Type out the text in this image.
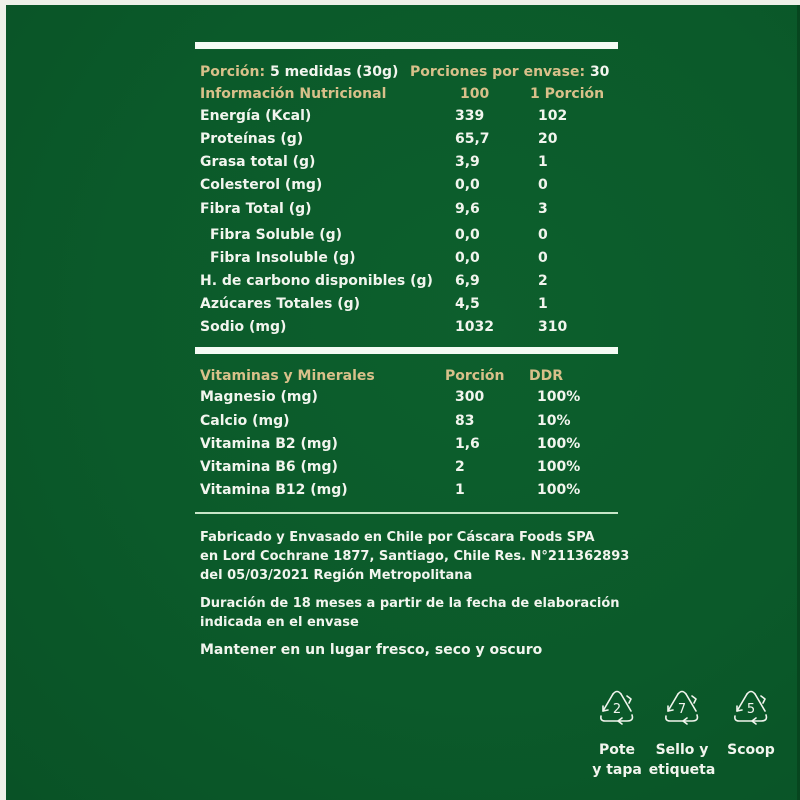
Porción: 5 medidas (30g) Porciones por envase: 30
Información Nutricional	100	1 Porción
Energía (Kcal)	339	102
Proteínas (g)	65,7	20
Grasa total (g)	3,9	1
Colesterol (mg)	0,0	0
Fibra Total (g)	9,6	3
Fibra Soluble (g)	0,0	0
Fibra Insoluble (g)	0,0	0
H. de carbono disponibles (g) 6,9	2
Azúcares Totales (g)	4,5	1
Sodio (mg)	1032	310
Vitaminas y Minerales	Porción DDR
Magnesio (mg)	300	100%
Calcio (mg)	83	10%
Vitamina B2 (mg)	1,6	100%
Vitamina B6 (mg)	2	100%
Vitamina B12 (mg)	1	100%
Fabricado y Envasado en Chile por Cáscara Foods SPA
en Lord Cochrane 1877, Santiago, Chile Res. N°211362893
del 05/03/2021 Región Metropolitana
Duración de 18 meses a partir de la fecha de elaboración
indicada en el envase
Mantener en un lugar fresco, seco y oscuro
2
Pote
y tapa
7
Sello y
etiqueta
5
Scoop
